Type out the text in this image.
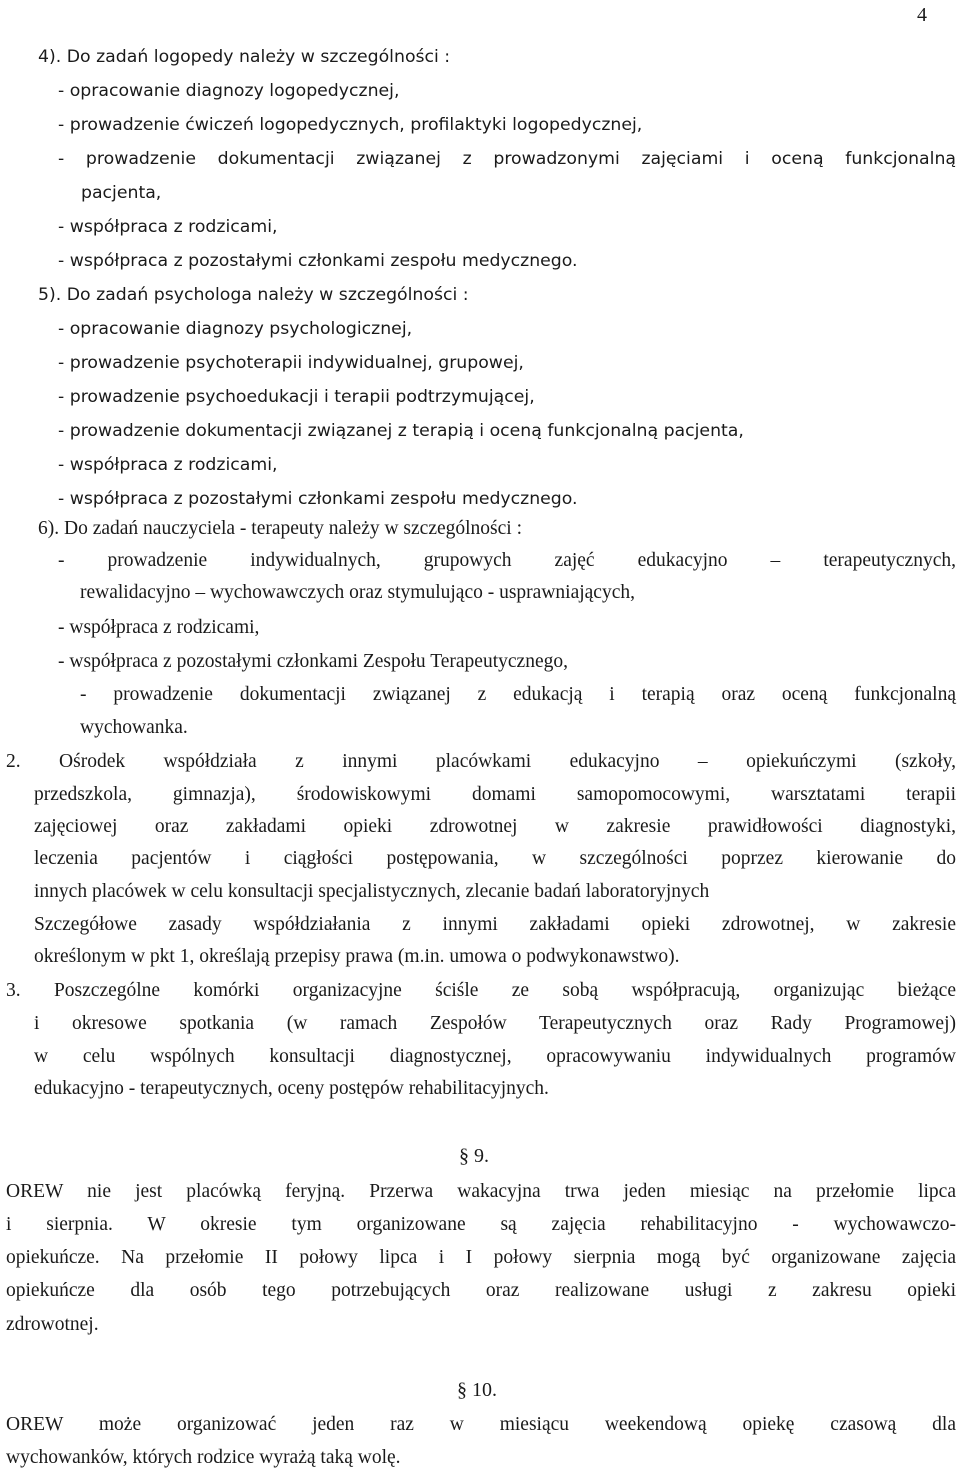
4
4). Do zadań logopedy należy w szczególności :
- opracowanie diagnozy logopedycznej,
- prowadzenie ćwiczeń logopedycznych, profilaktyki logopedycznej,
- prowadzenie dokumentacji związanej z prowadzonymi zajęciami i oceną funkcjonalną
pacjenta,
- współpraca z rodzicami,
- współpraca z pozostałymi członkami zespołu medycznego.
5). Do zadań psychologa należy w szczególności :
- opracowanie diagnozy psychologicznej,
- prowadzenie psychoterapii indywidualnej, grupowej,
- prowadzenie psychoedukacji i terapii podtrzymującej,
- prowadzenie dokumentacji związanej z terapią i oceną funkcjonalną pacjenta,
- współpraca z rodzicami,
- współpraca z pozostałymi członkami zespołu medycznego.
6). Do zadań nauczyciela - terapeuty należy w szczególności :
- prowadzenie indywidualnych, grupowych zajęć edukacyjno – terapeutycznych,
rewalidacyjno – wychowawczych oraz stymulująco - usprawniających,
- współpraca z rodzicami,
- współpraca z pozostałymi członkami Zespołu Terapeutycznego,
- prowadzenie dokumentacji związanej z edukacją i terapią oraz oceną funkcjonalną
wychowanka.
2. Ośrodek współdziała z innymi placówkami edukacyjno – opiekuńczymi (szkoły,
przedszkola, gimnazja), środowiskowymi domami samopomocowymi, warsztatami terapii
zajęciowej oraz zakładami opieki zdrowotnej w zakresie prawidłowości diagnostyki,
leczenia pacjentów i ciągłości postępowania, w szczególności poprzez kierowanie do
innych placówek w celu konsultacji specjalistycznych, zlecanie badań laboratoryjnych
Szczegółowe zasady współdziałania z innymi zakładami opieki zdrowotnej, w zakresie
określonym w pkt 1, określają przepisy prawa (m.in. umowa o podwykonawstwo).
3. Poszczególne komórki organizacyjne ściśle ze sobą współpracują, organizując bieżące
i okresowe spotkania (w ramach Zespołów Terapeutycznych oraz Rady Programowej)
w celu wspólnych konsultacji diagnostycznej, opracowywaniu indywidualnych programów
edukacyjno - terapeutycznych, oceny postępów rehabilitacyjnych.
§ 9.
OREW nie jest placówką feryjną. Przerwa wakacyjna trwa jeden miesiąc na przełomie lipca
i sierpnia. W okresie tym organizowane są zajęcia rehabilitacyjno - wychowawczo-
opiekuńcze. Na przełomie II połowy lipca i I połowy sierpnia mogą być organizowane zajęcia
opiekuńcze dla osób tego potrzebujących oraz realizowane usługi z zakresu opieki
zdrowotnej.
§ 10.
OREW może organizować jeden raz w miesiącu weekendową opiekę czasową dla
wychowanków, których rodzice wyrażą taką wolę.
